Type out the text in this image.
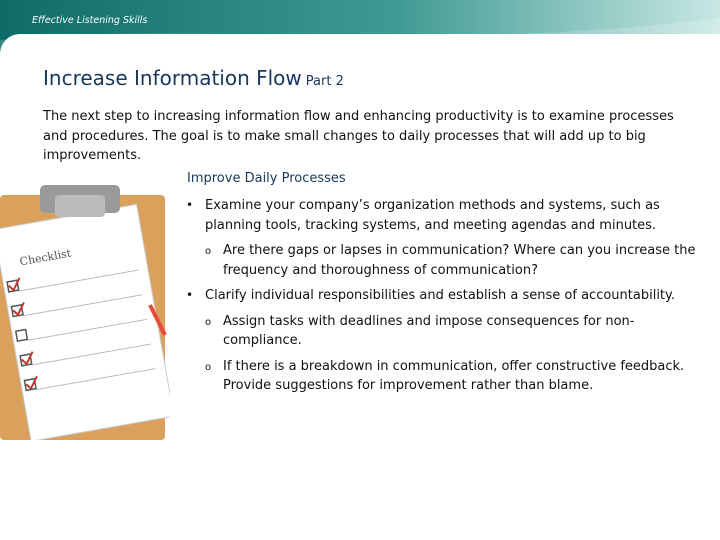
Effective Listening Skills
Increase Information Flow Part 2
The next step to increasing information flow and enhancing productivity is to examine processes and procedures. The goal is to make small changes to daily processes that will add up to big improvements.
Checklist
Improve Daily Processes
• Examine your company’s organization methods and systems, such as planning tools, tracking systems, and meeting agendas and minutes.
o Are there gaps or lapses in communication? Where can you increase the frequency and thoroughness of communication?
• Clarify individual responsibilities and establish a sense of accountability.
o Assign tasks with deadlines and impose consequences for non-compliance.
o If there is a breakdown in communication, offer constructive feedback. Provide suggestions for improvement rather than blame.
